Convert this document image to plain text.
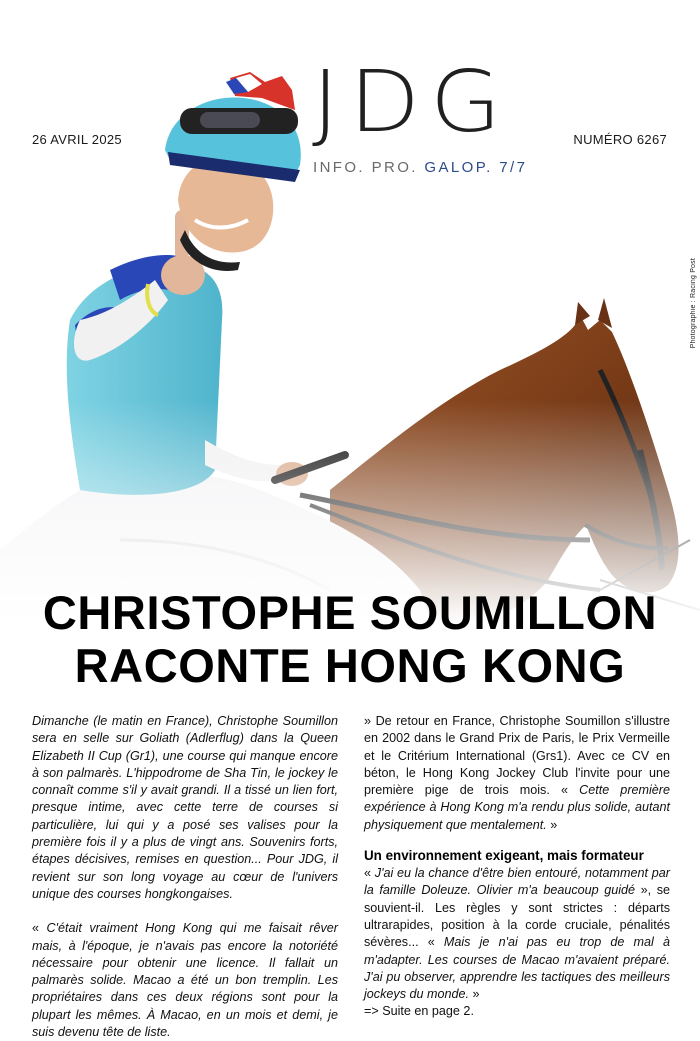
26 AVRIL 2025	NUMÉRO 6267
JDG
INFO. PRO. GALOP. 7/7
Photographie : Racing Post
CHRISTOPHE SOUMILLON
RACONTE HONG KONG

Dimanche (le matin en France), Christophe Soumillon sera en selle sur Goliath (Adlerflug) dans la Queen Elizabeth II Cup (Gr1), une course qui manque encore à son palmarès. L'hippodrome de Sha Tin, le jockey le connaît comme s'il y avait grandi. Il a tissé un lien fort, presque intime, avec cette terre de courses si particulière, lui qui y a posé ses valises pour la première fois il y a plus de vingt ans. Souvenirs forts, étapes décisives, remises en question... Pour JDG, il revient sur son long voyage au cœur de l'univers unique des courses hongkongaises.

« C'était vraiment Hong Kong qui me faisait rêver mais, à l'époque, je n'avais pas encore la notoriété nécessaire pour obtenir une licence. Il fallait un palmarès solide. Macao a été un bon tremplin. Les propriétaires dans ces deux régions sont pour la plupart les mêmes. À Macao, en un mois et demi, je suis devenu tête de liste.

» De retour en France, Christophe Soumillon s'illustre en 2002 dans le Grand Prix de Paris, le Prix Vermeille et le Critérium International (Grs1). Avec ce CV en béton, le Hong Kong Jockey Club l'invite pour une première pige de trois mois. « Cette première expérience à Hong Kong m'a rendu plus solide, autant physiquement que mentalement. »

Un environnement exigeant, mais formateur

« J'ai eu la chance d'être bien entouré, notamment par la famille Doleuze. Olivier m'a beaucoup guidé », se souvient-il. Les règles y sont strictes : départs ultrarapides, position à la corde cruciale, pénalités sévères... « Mais je n'ai pas eu trop de mal à m'adapter. Les courses de Macao m'avaient préparé. J'ai pu observer, apprendre les tactiques des meilleurs jockeys du monde. »

=> Suite en page 2.
